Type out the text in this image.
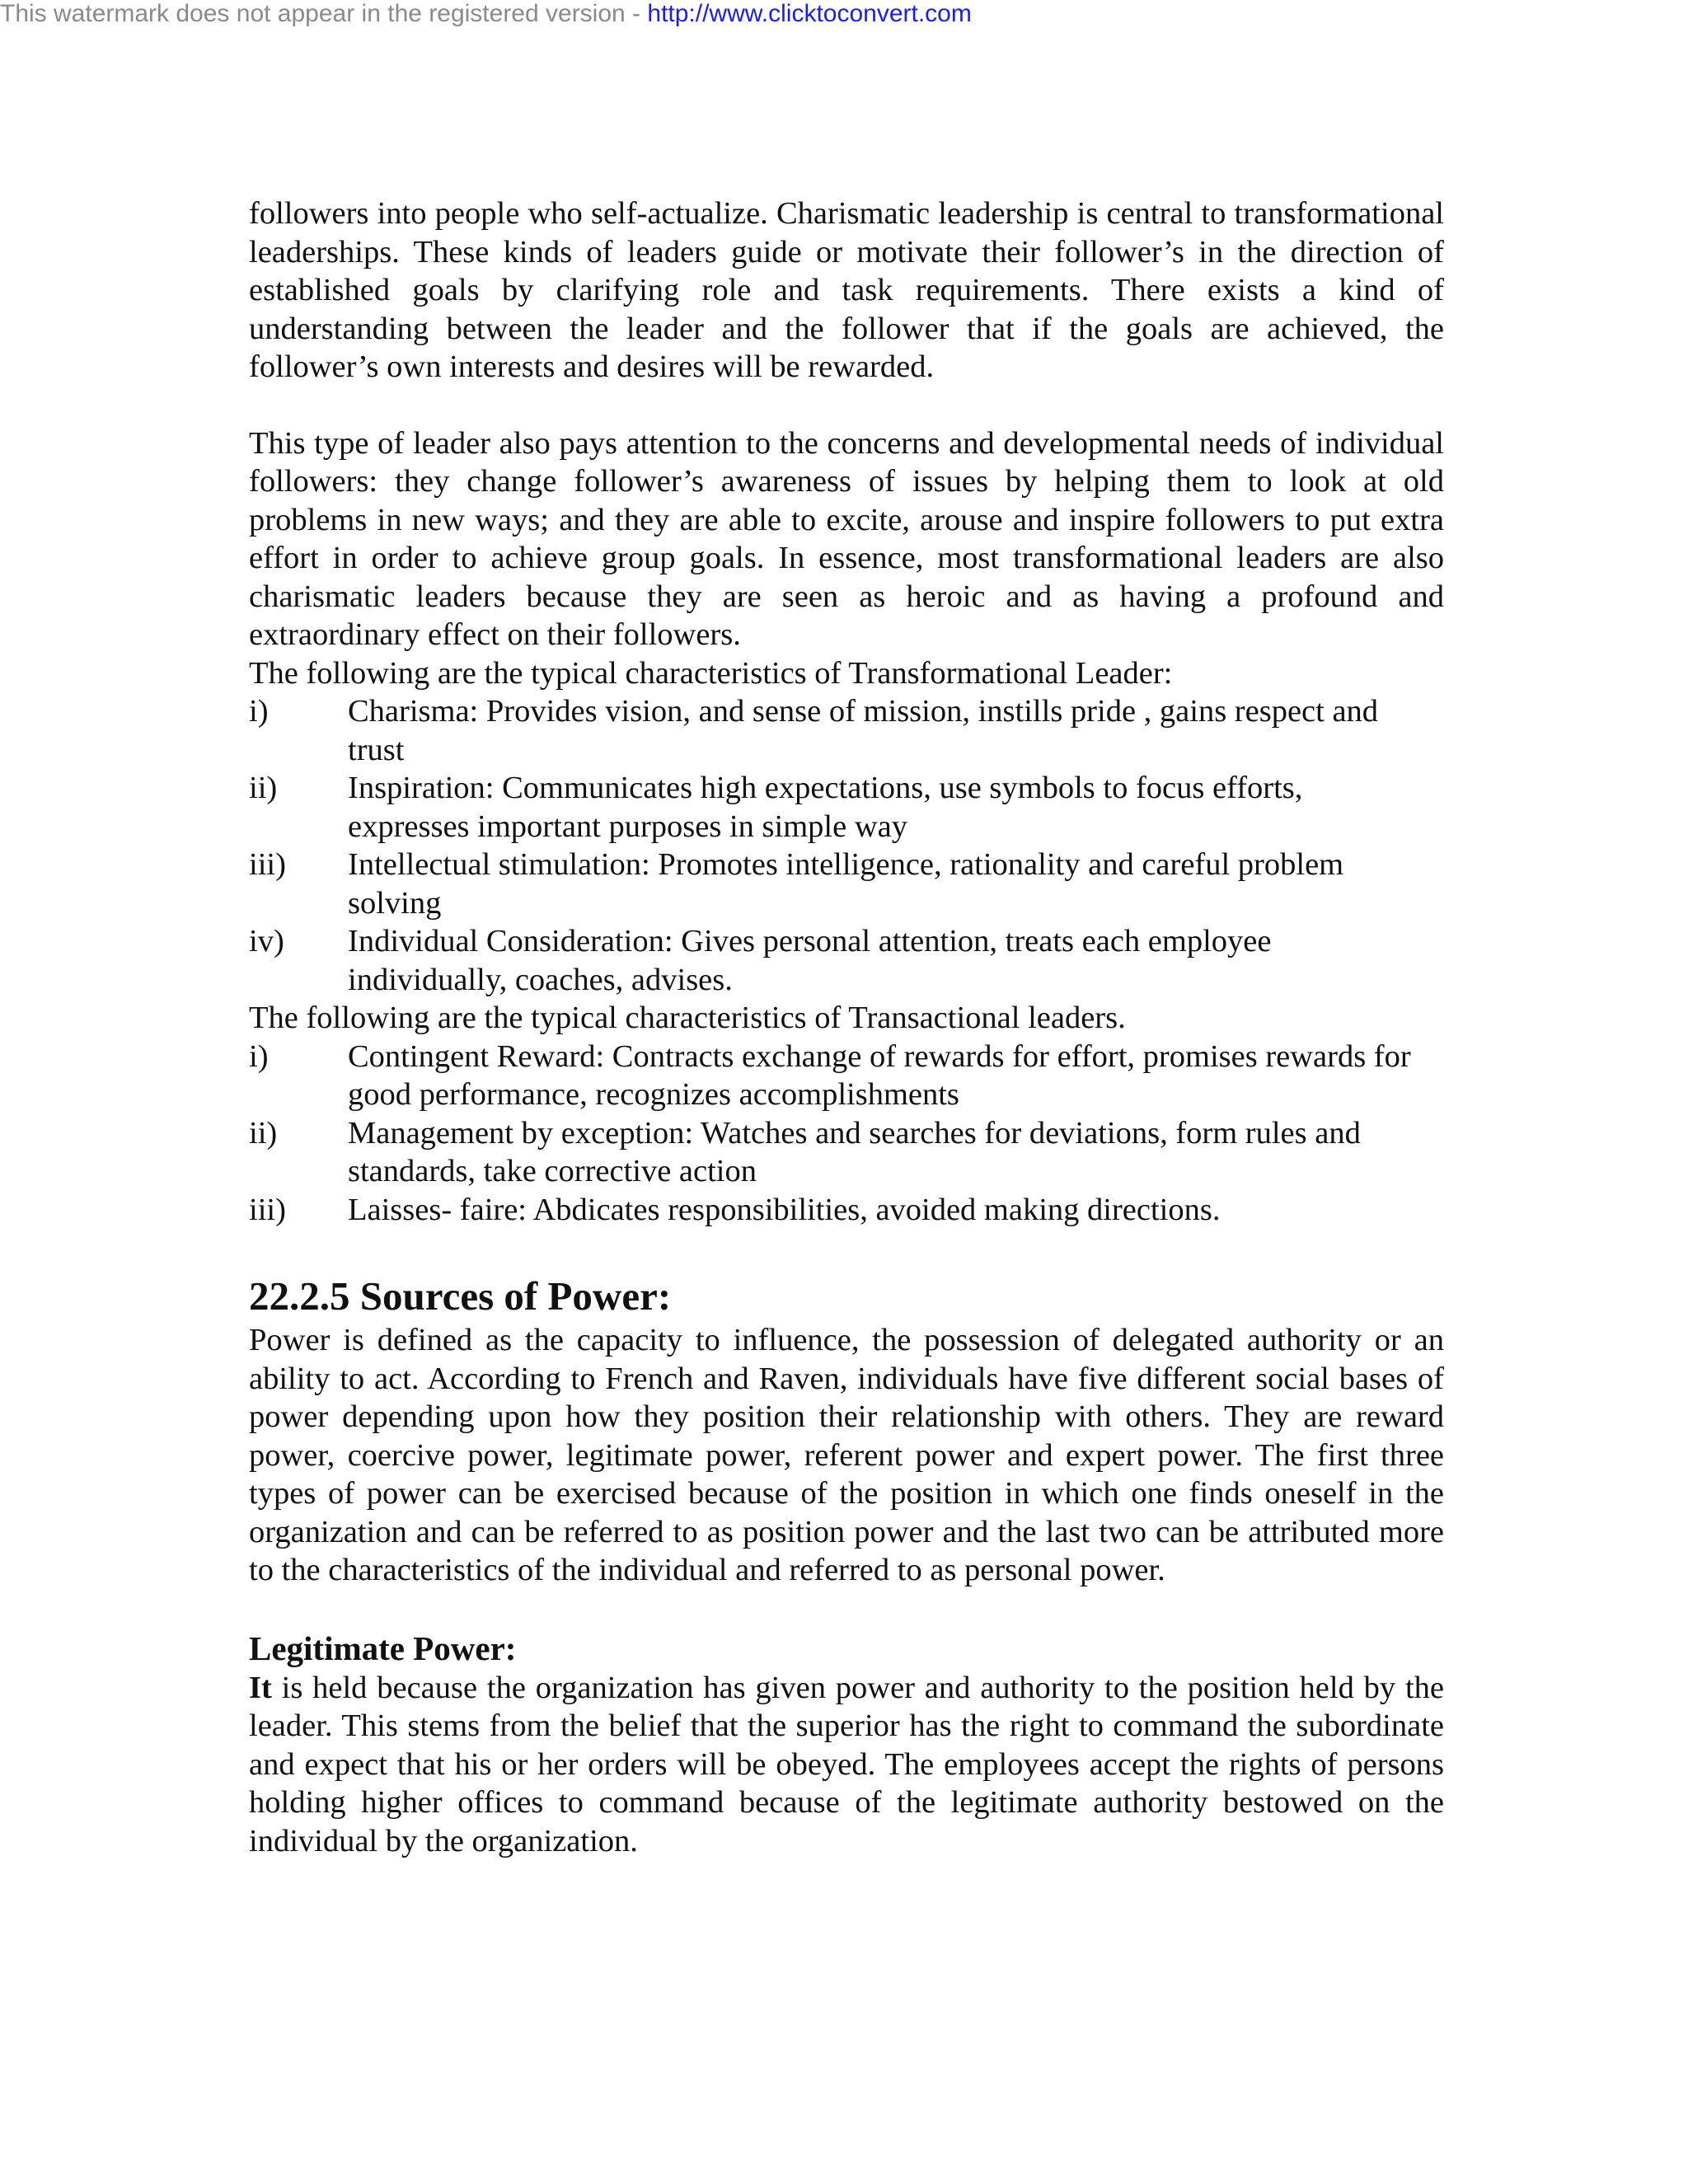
This watermark does not appear in the registered version - http://www.clicktoconvert.com

followers into people who self-actualize. Charismatic leadership is central to transformational leaderships. These kinds of leaders guide or motivate their follower’s in the direction of established goals by clarifying role and task requirements. There exists a kind of understanding between the leader and the follower that if the goals are achieved, the follower’s own interests and desires will be rewarded.

This type of leader also pays attention to the concerns and developmental needs of individual followers: they change follower’s awareness of issues by helping them to look at old problems in new ways; and they are able to excite, arouse and inspire followers to put extra effort in order to achieve group goals. In essence, most transformational leaders are also charismatic leaders because they are seen as heroic and as having a profound and extraordinary effect on their followers.

The following are the typical characteristics of Transformational Leader:

i)	Charisma: Provides vision, and sense of mission, instills pride , gains respect and trust
ii)	Inspiration: Communicates high expectations, use symbols to focus efforts, expresses important purposes in simple way
iii)	Intellectual stimulation: Promotes intelligence, rationality and careful problem solving
iv)	Individual Consideration: Gives personal attention, treats each employee individually, coaches, advises.

The following are the typical characteristics of Transactional leaders.

i)	Contingent Reward: Contracts exchange of rewards for effort, promises rewards for good performance, recognizes accomplishments
ii)	Management by exception: Watches and searches for deviations, form rules and standards, take corrective action
iii)	Laisses- faire: Abdicates responsibilities, avoided making directions.
22.2.5 Sources of Power:

Power is defined as the capacity to influence, the possession of delegated authority or an ability to act. According to French and Raven, individuals have five different social bases of power depending upon how they position their relationship with others. They are reward power, coercive power, legitimate power, referent power and expert power. The first three types of power can be exercised because of the position in which one finds oneself in the organization and can be referred to as position power and the last two can be attributed more to the characteristics of the individual and referred to as personal power.

Legitimate Power:

It is held because the organization has given power and authority to the position held by the leader. This stems from the belief that the superior has the right to command the subordinate and expect that his or her orders will be obeyed. The employees accept the rights of persons holding higher offices to command because of the legitimate authority bestowed on the individual by the organization.
